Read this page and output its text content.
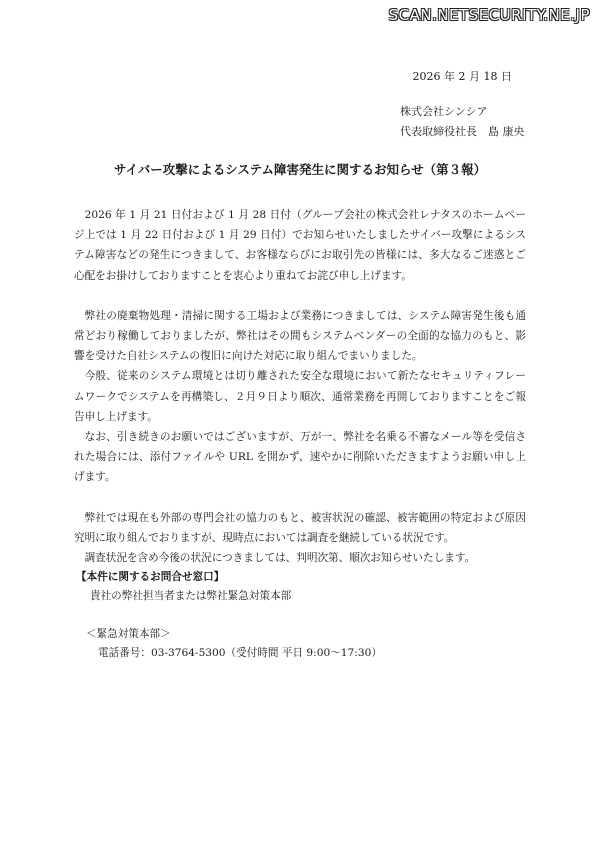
SCAN.NETSECURITY.NE.JP
2026 年 2 月 18 日
株式会社シンシア
代表取締役社長　島 康央
サイバー攻撃によるシステム障害発生に関するお知らせ（第３報）

2026 年 1 月 21 日付および 1 月 28 日付（グループ会社の株式会社レナタスのホームページ上では 1 月 22 日付および 1 月 29 日付）でお知らせいたしましたサイバー攻撃によるシステム障害などの発生につきまして、お客様ならびにお取引先の皆様には、多大なるご迷惑とご心配をお掛けしておりますことを衷心より重ねてお詫び申し上げます。

弊社の廃棄物処理・清掃に関する工場および業務につきましては、システム障害発生後も通常どおり稼働しておりましたが、弊社はその間もシステムベンダーの全面的な協力のもと、影響を受けた自社システムの復旧に向けた対応に取り組んでまいりました。

今般、従来のシステム環境とは切り離された安全な環境において新たなセキュリティフレームワークでシステムを再構築し、２月９日より順次、通常業務を再開しておりますことをご報告申し上げます。

なお、引き続きのお願いではございますが、万が一、弊社を名乗る不審なメール等を受信された場合には、添付ファイルや URL を開かず、速やかに削除いただきますようお願い申し上げます。

弊社では現在も外部の専門会社の協力のもと、被害状況の確認、被害範囲の特定および原因究明に取り組んでおりますが、現時点においては調査を継続している状況です。

調査状況を含め今後の状況につきましては、判明次第、順次お知らせいたします。

【本件に関するお問合せ窓口】
貴社の弊社担当者または弊社緊急対策本部
＜緊急対策本部＞
電話番号：03-3764-5300（受付時間 平日 9:00～17:30）
